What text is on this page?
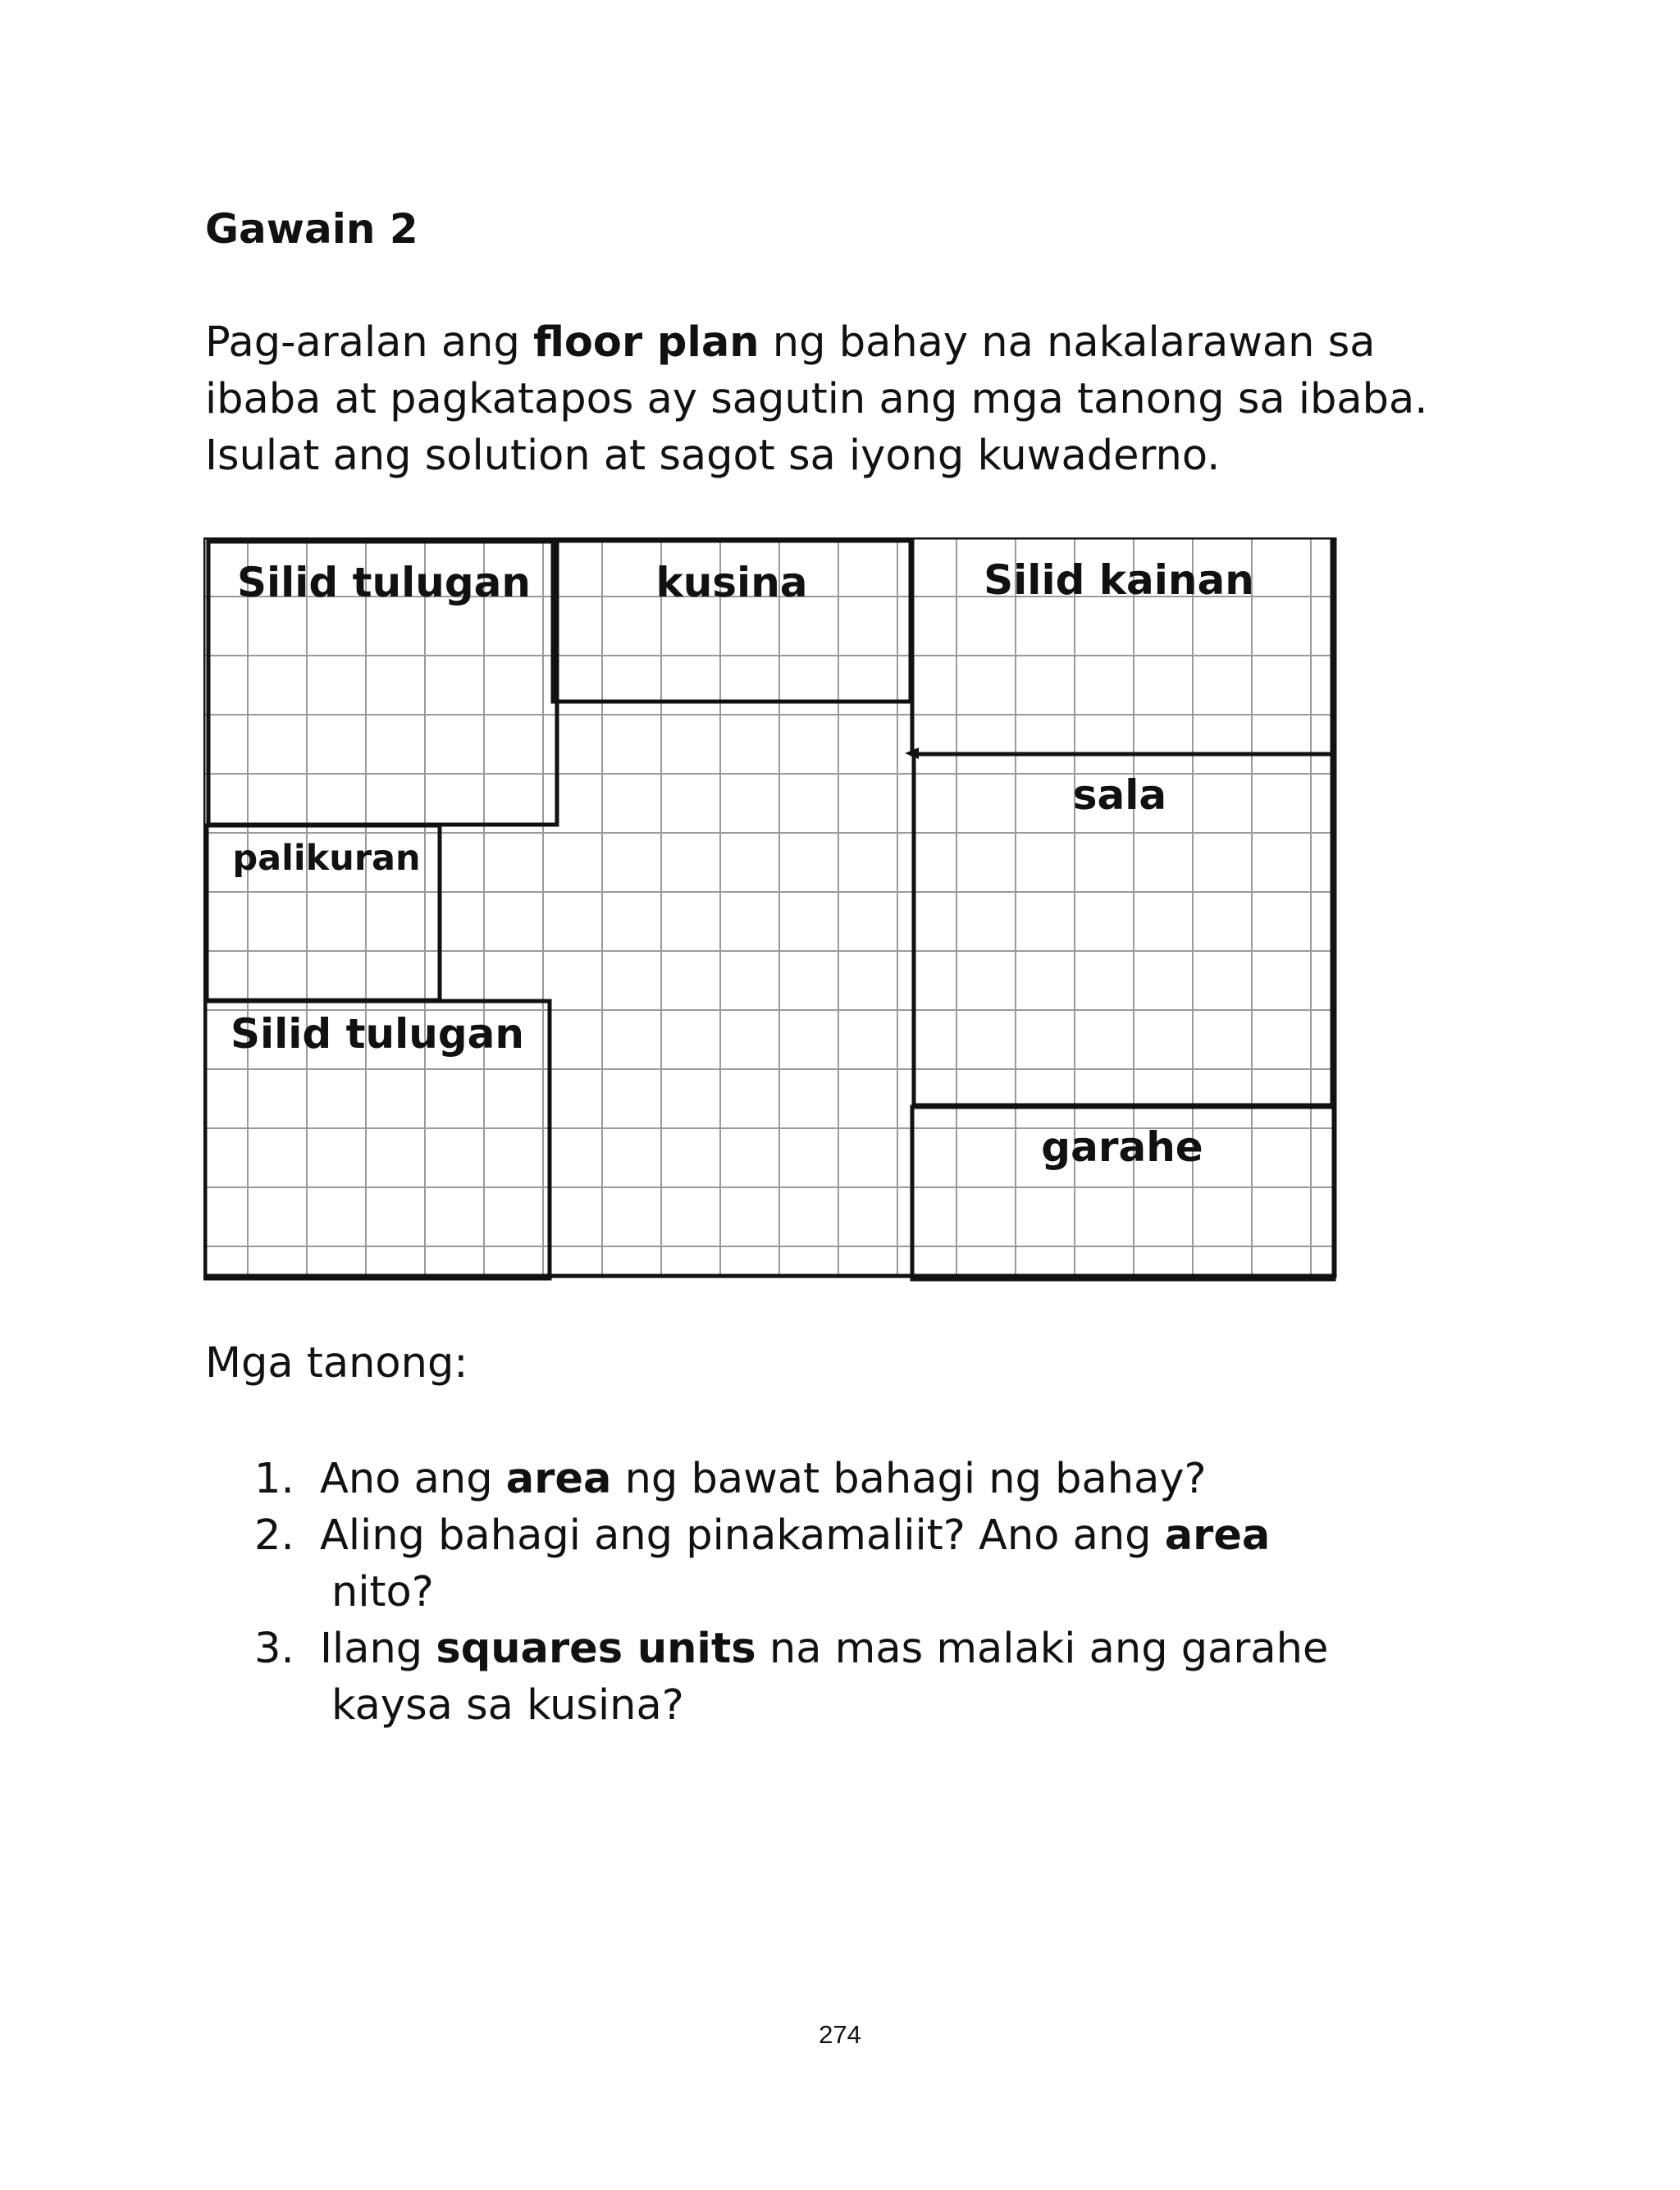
Gawain 2

Pag-aralan ang floor plan ng bahay na nakalarawan sa ibaba at pagkatapos ay sagutin ang mga tanong sa ibaba. Isulat ang solution at sagot sa iyong kuwaderno.

Silid tulugan	kusina	Silid kainan
sala
palikuran
Silid tulugan
garahe

Mga tanong:

1. Ano ang area ng bawat bahagi ng bahay?
2. Aling bahagi ang pinakamaliit? Ano ang area
nito?
3. Ilang squares units na mas malaki ang garahe
kaysa sa kusina?
274
